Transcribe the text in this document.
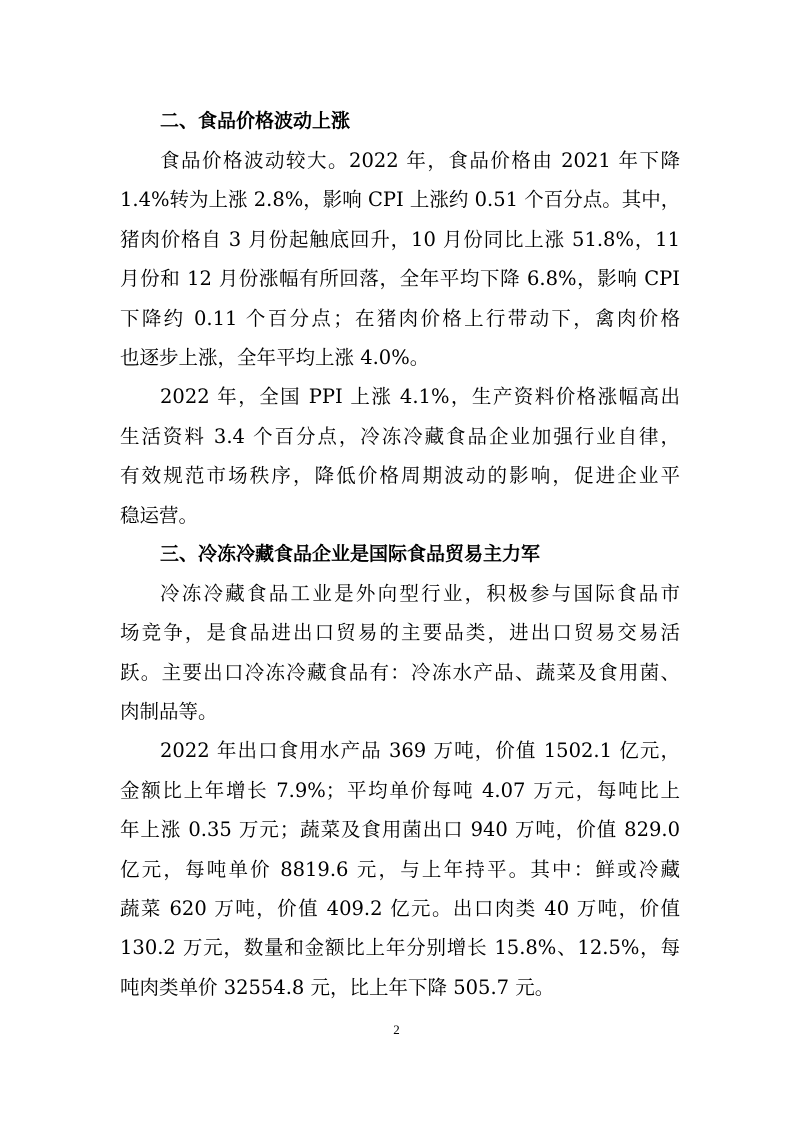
二、食品价格波动上涨

食品价格波动较大。2022 年，食品价格由 2021 年下降
1.4%转为上涨 2.8%，影响 CPI 上涨约 0.51 个百分点。其中，
猪肉价格自 3 月份起触底回升，10 月份同比上涨 51.8%，11
月份和 12 月份涨幅有所回落，全年平均下降 6.8%，影响 CPI
下降约 0.11 个百分点；在猪肉价格上行带动下，禽肉价格
也逐步上涨，全年平均上涨 4.0%。

2022 年，全国 PPI 上涨 4.1%，生产资料价格涨幅高出
生活资料 3.4 个百分点，冷冻冷藏食品企业加强行业自律，
有效规范市场秩序，降低价格周期波动的影响，促进企业平
稳运营。

三、冷冻冷藏食品企业是国际食品贸易主力军

冷冻冷藏食品工业是外向型行业，积极参与国际食品市
场竞争，是食品进出口贸易的主要品类，进出口贸易交易活
跃。主要出口冷冻冷藏食品有：冷冻水产品、蔬菜及食用菌、
肉制品等。

2022 年出口食用水产品 369 万吨，价值 1502.1 亿元，
金额比上年增长 7.9%；平均单价每吨 4.07 万元，每吨比上
年上涨 0.35 万元；蔬菜及食用菌出口 940 万吨，价值 829.0
亿元，每吨单价 8819.6 元，与上年持平。其中：鲜或冷藏
蔬菜 620 万吨，价值 409.2 亿元。出口肉类 40 万吨，价值
130.2 万元，数量和金额比上年分别增长 15.8%、12.5%，每
吨肉类单价 32554.8 元，比上年下降 505.7 元。

2
